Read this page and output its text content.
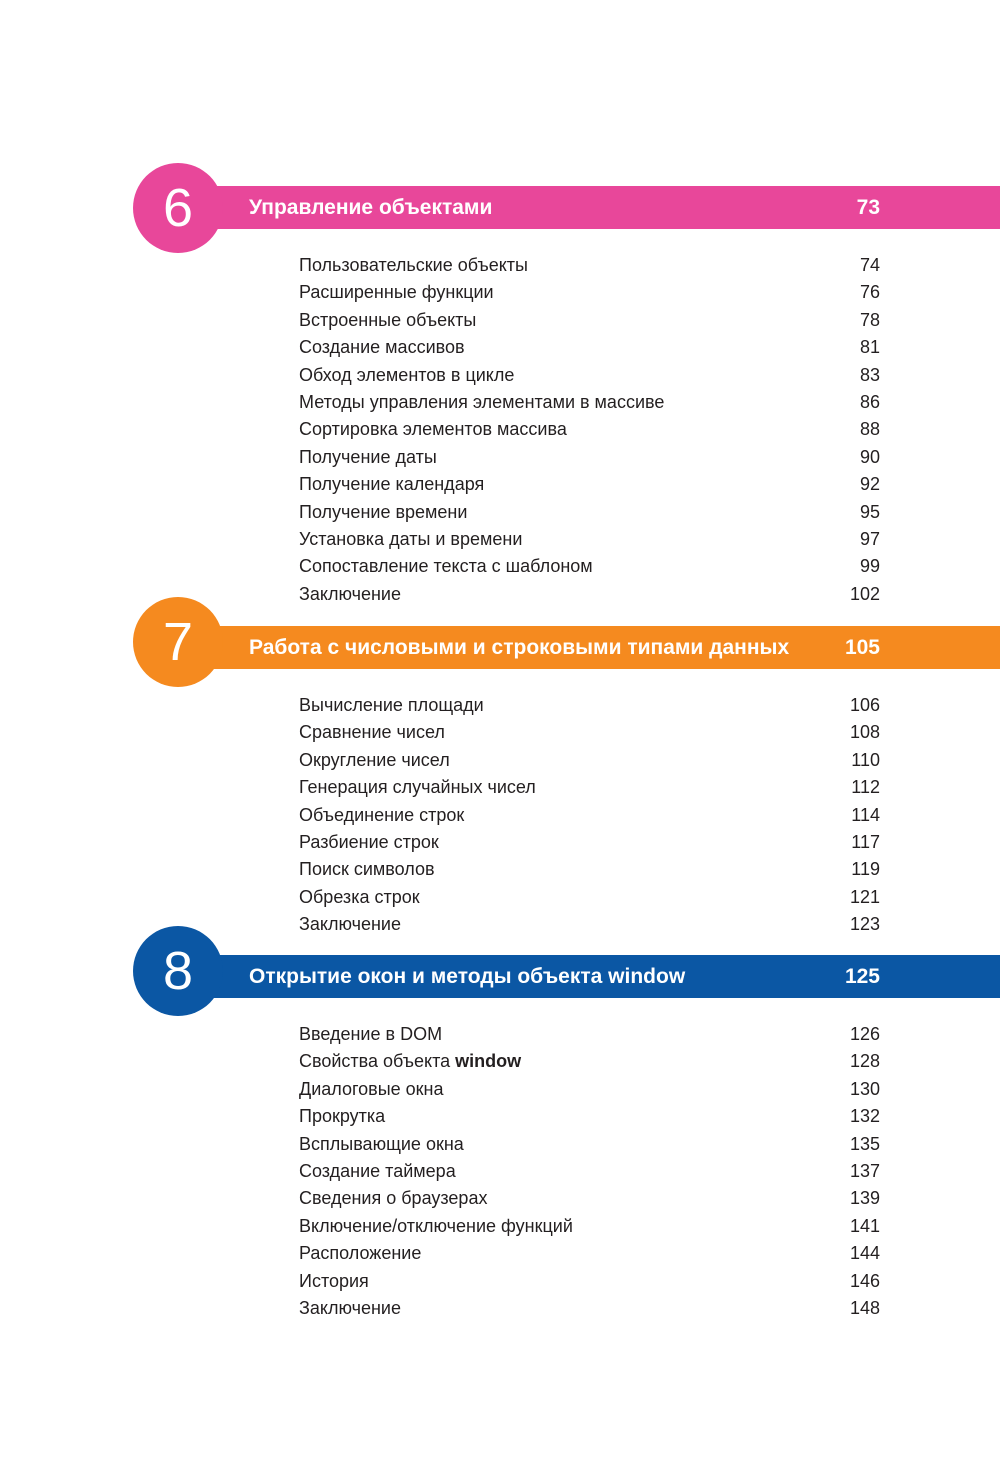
6	Управление объектами	73
Пользовательские объекты	74
Расширенные функции	76
Встроенные объекты	78
Создание массивов	81
Обход элементов в цикле	83
Методы управления элементами в массиве	86
Сортировка элементов массива	88
Получение даты	90
Получение календаря	92
Получение времени	95
Установка даты и времени	97
Сопоставление текста с шаблоном	99
Заключение	102
7	Работа с числовыми и строковыми типами данных	105
Вычисление площади	106
Сравнение чисел	108
Округление чисел	110
Генерация случайных чисел	112
Объединение строк	114
Разбиение строк	117
Поиск символов	119
Обрезка строк	121
Заключение	123
8	Открытие окон и методы объекта window	125
Введение в DOM	126
Свойства объекта window	128
Диалоговые окна	130
Прокрутка	132
Всплывающие окна	135
Создание таймера	137
Сведения о браузерах	139
Включение/отключение функций	141
Расположение	144
История	146
Заключение	148
